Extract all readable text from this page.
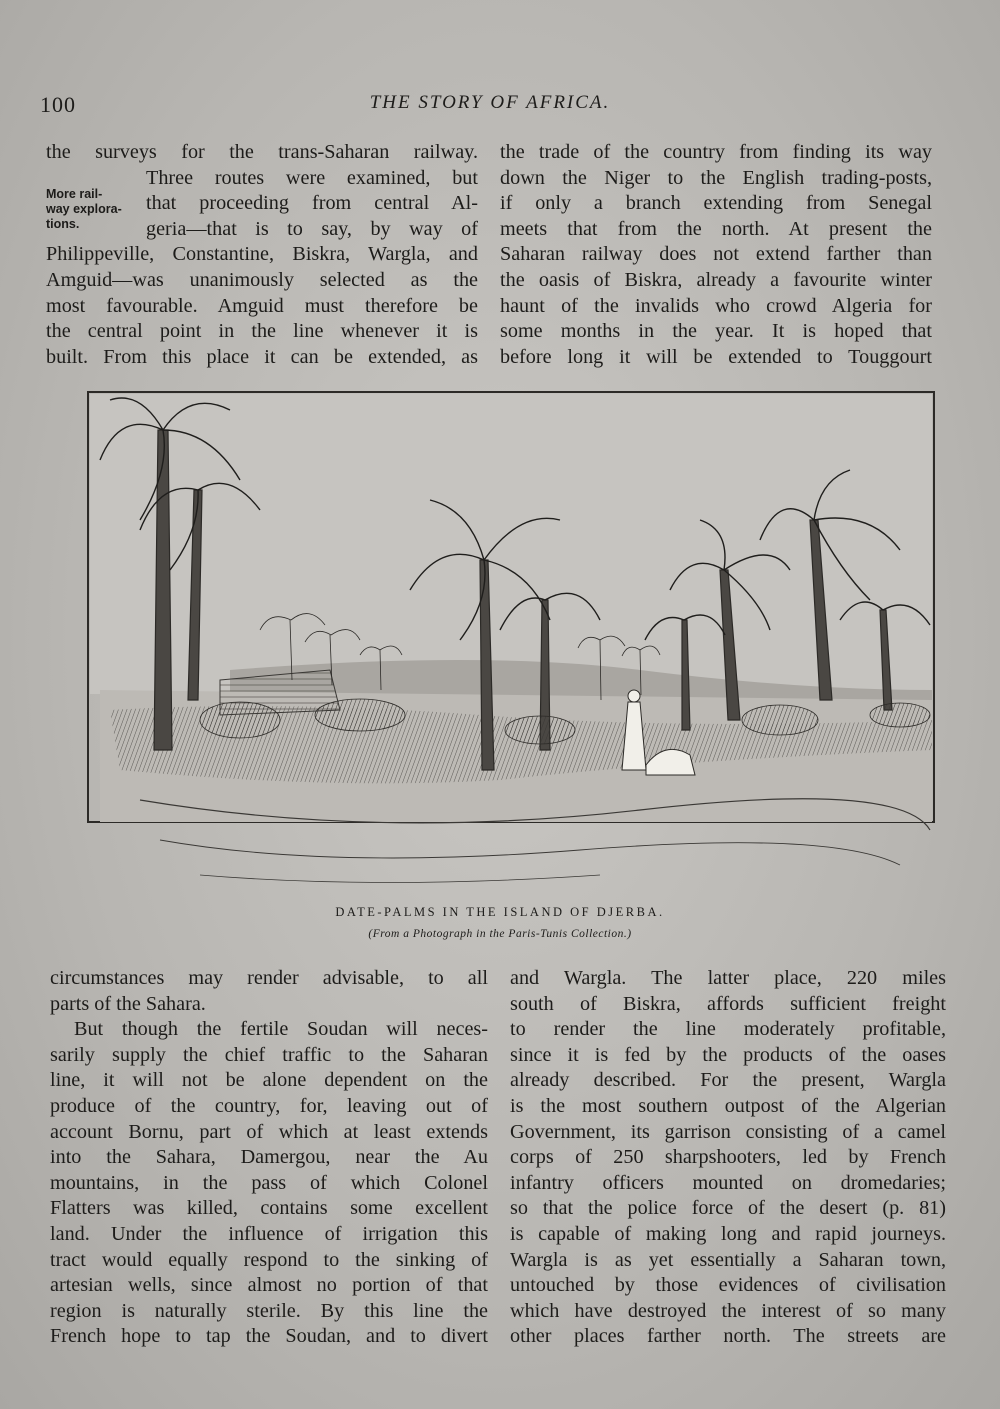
100	THE STORY OF AFRICA.
More rail-
way explora-
tions.
the surveys for the trans-Saharan railway.
Three routes were examined, but
that proceeding from central Al-
geria—that is to say, by way of
Philippeville, Constantine, Biskra, Wargla, and
Amguid—was unanimously selected as the
most favourable. Amguid must therefore be
the central point in the line whenever it is
built. From this place it can be extended, as
the trade of the country from finding its way
down the Niger to the English trading-posts,
if only a branch extending from Senegal
meets that from the north. At present the
Saharan railway does not extend farther than
the oasis of Biskra, already a favourite winter
haunt of the invalids who crowd Algeria for
some months in the year. It is hoped that
before long it will be extended to Touggourt
DATE-PALMS IN THE ISLAND OF DJERBA.
(From a Photograph in the Paris-Tunis Collection.)
circumstances may render advisable, to all
parts of the Sahara.
But though the fertile Soudan will neces-
sarily supply the chief traffic to the Saharan
line, it will not be alone dependent on the
produce of the country, for, leaving out of
account Bornu, part of which at least extends
into the Sahara, Damergou, near the Au
mountains, in the pass of which Colonel
Flatters was killed, contains some excellent
land. Under the influence of irrigation this
tract would equally respond to the sinking of
artesian wells, since almost no portion of that
region is naturally sterile. By this line the
French hope to tap the Soudan, and to divert
and Wargla. The latter place, 220 miles
south of Biskra, affords sufficient freight
to render the line moderately profitable,
since it is fed by the products of the oases
already described. For the present, Wargla
is the most southern outpost of the Algerian
Government, its garrison consisting of a camel
corps of 250 sharpshooters, led by French
infantry officers mounted on dromedaries;
so that the police force of the desert (p. 81)
is capable of making long and rapid journeys.
Wargla is as yet essentially a Saharan town,
untouched by those evidences of civilisation
which have destroyed the interest of so many
other places farther north. The streets are
